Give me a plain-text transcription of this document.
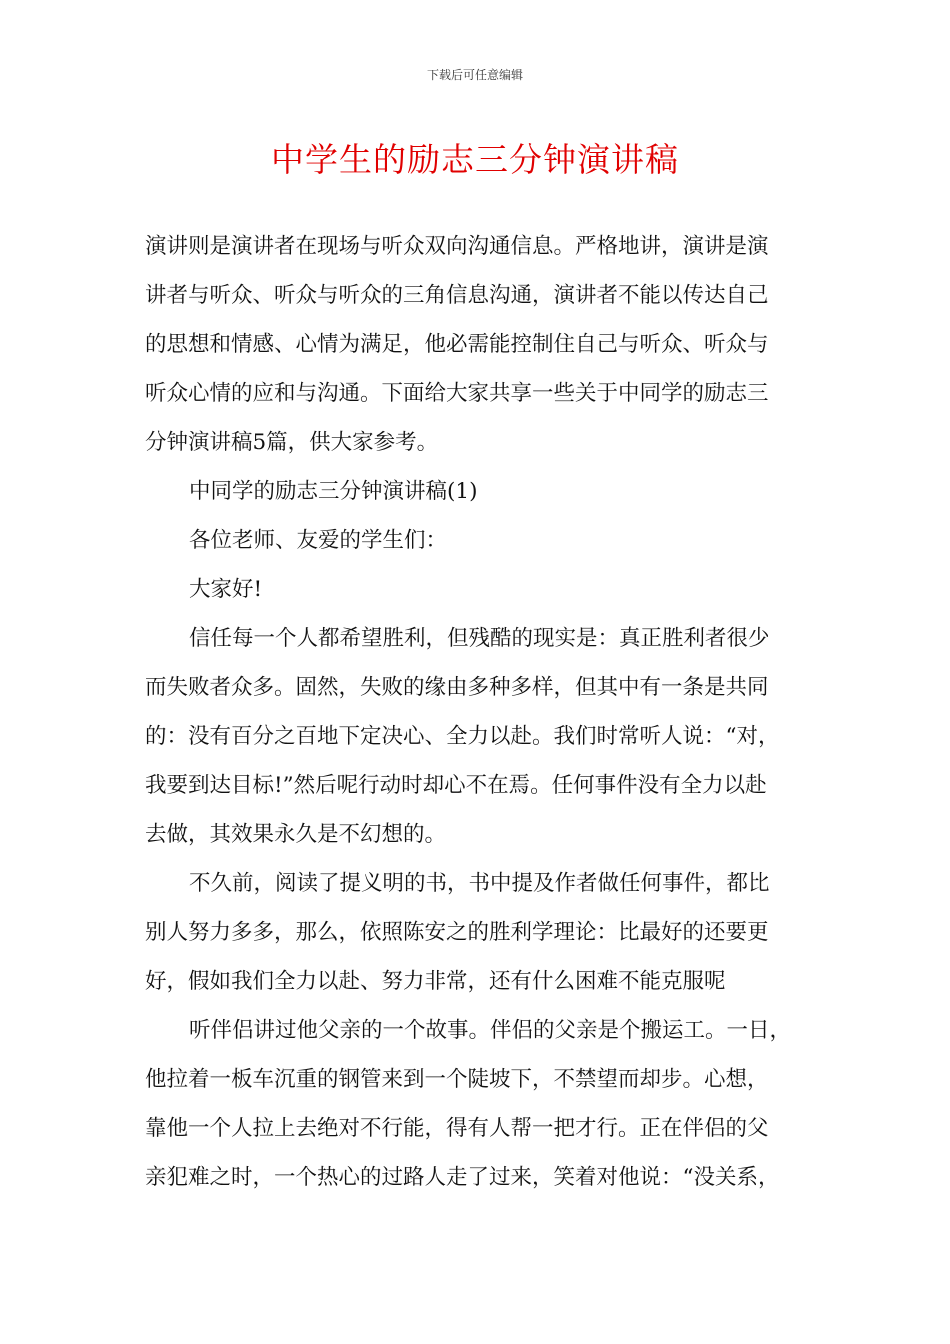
下载后可任意编辑
中学生的励志三分钟演讲稿
演讲则是演讲者在现场与听众双向沟通信息。严格地讲，演讲是演
讲者与听众、听众与听众的三角信息沟通，演讲者不能以传达自己
的思想和情感、心情为满足，他必需能控制住自己与听众、听众与
听众心情的应和与沟通。下面给大家共享一些关于中同学的励志三
分钟演讲稿5篇，供大家参考。
中同学的励志三分钟演讲稿(1)
各位老师、友爱的学生们：
大家好!
信任每一个人都希望胜利，但残酷的现实是：真正胜利者很少
而失败者众多。固然，失败的缘由多种多样，但其中有一条是共同
的：没有百分之百地下定决心、全力以赴。我们时常听人说：“对，
我要到达目标!”然后呢行动时却心不在焉。任何事件没有全力以赴
去做，其效果永久是不幻想的。
不久前，阅读了提义明的书，书中提及作者做任何事件，都比
别人努力多多，那么，依照陈安之的胜利学理论：比最好的还要更
好，假如我们全力以赴、努力非常，还有什么困难不能克服呢
听伴侣讲过他父亲的一个故事。伴侣的父亲是个搬运工。一日，
他拉着一板车沉重的钢管来到一个陡坡下，不禁望而却步。心想，
靠他一个人拉上去绝对不行能，得有人帮一把才行。正在伴侣的父
亲犯难之时，一个热心的过路人走了过来，笑着对他说：“没关系，
